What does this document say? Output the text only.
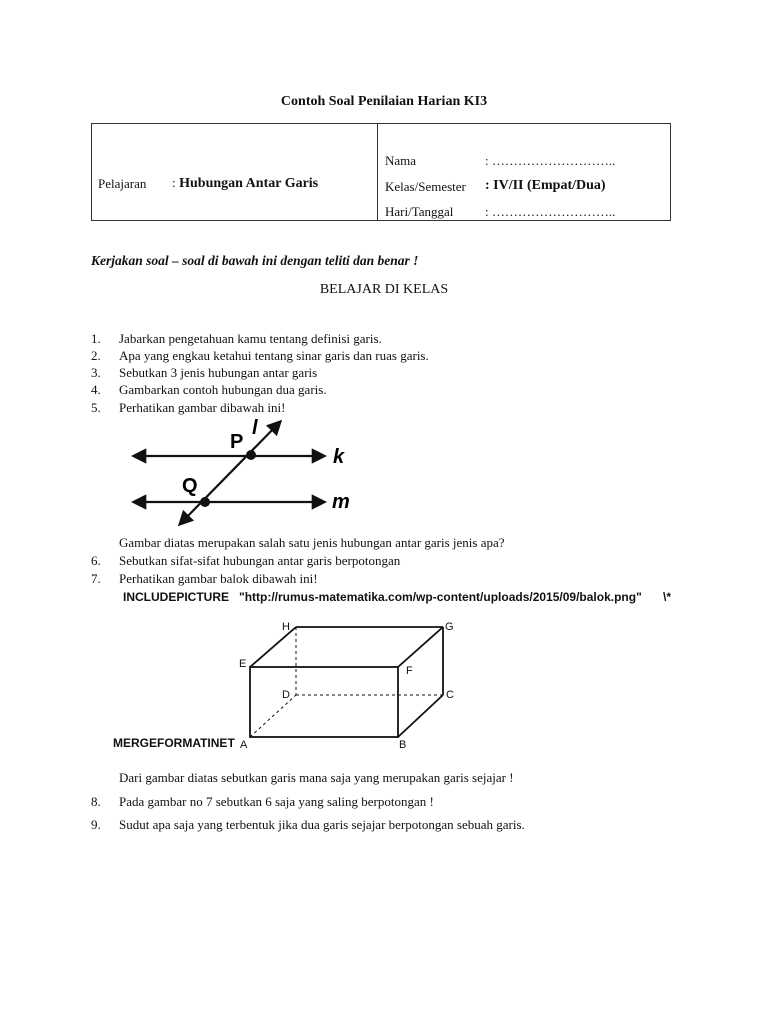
Contoh Soal Penilaian Harian KI3
Pelajaran : Hubungan Antar Garis
Nama	: ………………………..
Kelas/Semester : IV/II (Empat/Dua)
Hari/Tanggal : ………………………..
Kerjakan soal – soal di bawah ini dengan teliti dan benar !
BELAJAR DI KELAS
1. Jabarkan pengetahuan kamu tentang definisi garis.
2. Apa yang engkau ketahui tentang sinar garis dan ruas garis.
3. Sebutkan 3 jenis hubungan antar garis
4. Gambarkan contoh hubungan dua garis.
5. Perhatikan gambar dibawah ini!
P
Q
l
k
m
Gambar diatas merupakan salah satu jenis hubungan antar garis jenis apa?
6. Sebutkan sifat-sifat hubungan antar garis berpotongan
7. Perhatikan gambar balok dibawah ini!
INCLUDEPICTURE "http://rumus-matematika.com/wp-content/uploads/2015/09/balok.png" \*
A	B
C
D
E
F
G
H
MERGEFORMATINET
Dari gambar diatas sebutkan garis mana saja yang merupakan garis sejajar !
8. Pada gambar no 7 sebutkan 6 saja yang saling berpotongan !
9. Sudut apa saja yang terbentuk jika dua garis sejajar berpotongan sebuah garis.
